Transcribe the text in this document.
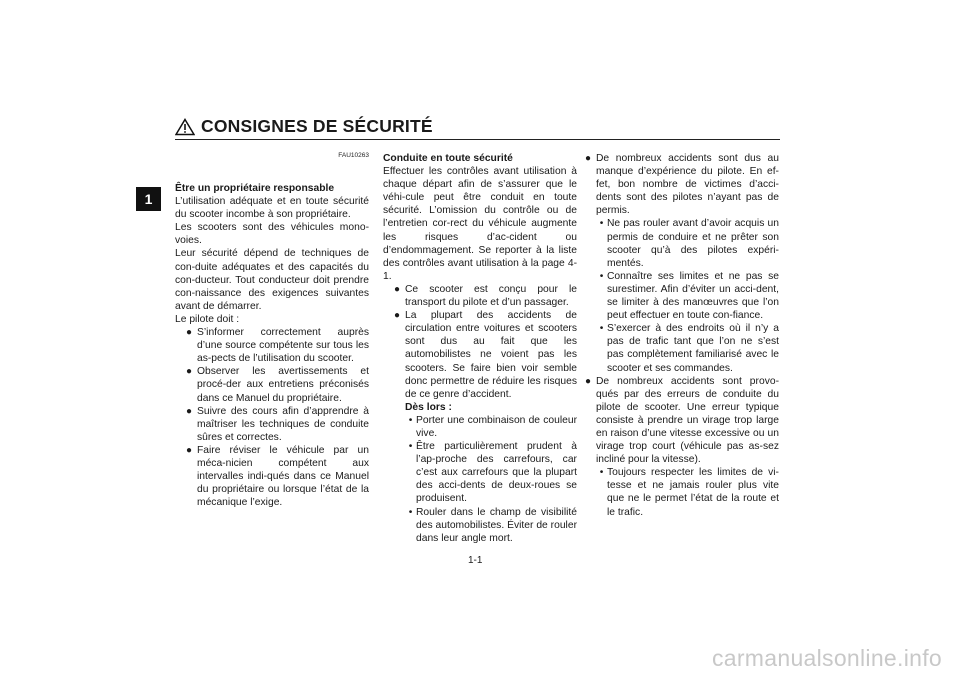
CONSIGNES DE SÉCURITÉ
1
FAU10263
Être un propriétaire responsable

L’utilisation adéquate et en toute sécurité du scooter incombe à son propriétaire.

Les scooters sont des véhicules mono-voies.

Leur sécurité dépend de techniques de con-duite adéquates et des capacités du con-ducteur. Tout conducteur doit prendre con-naissance des exigences suivantes avant de démarrer.

Le pilote doit :

● S’informer correctement auprès d’une source compétente sur tous les as-pects de l’utilisation du scooter.
● Observer les avertissements et procé-der aux entretiens préconisés dans ce Manuel du propriétaire.
● Suivre des cours afin d’apprendre à maîtriser les techniques de conduite sûres et correctes.
● Faire réviser le véhicule par un méca-nicien compétent aux intervalles indi-qués dans ce Manuel du propriétaire ou lorsque l’état de la mécanique l’exige.
Conduite en toute sécurité

Effectuer les contrôles avant utilisation à chaque départ afin de s’assurer que le véhi-cule peut être conduit en toute sécurité. L’omission du contrôle ou de l’entretien cor-rect du véhicule augmente les risques d’ac-cident ou d’endommagement. Se reporter à la liste des contrôles avant utilisation à la page 4-1.

● Ce scooter est conçu pour le transport du pilote et d’un passager.
● La plupart des accidents de circulation entre voitures et scooters sont dus au fait que les automobilistes ne voient pas les scooters. Se faire bien voir semble donc permettre de réduire les risques de ce genre d’accident.
Dès lors :
• Porter une combinaison de couleur vive.
• Être particulièrement prudent à l’ap-proche des carrefours, car c’est aux carrefours que la plupart des acci-dents de deux-roues se produisent.
• Rouler dans le champ de visibilité des automobilistes. Éviter de rouler dans leur angle mort.
● De nombreux accidents sont dus au manque d’expérience du pilote. En ef-fet, bon nombre de victimes d’acci-dents sont des pilotes n’ayant pas de permis.
• Ne pas rouler avant d’avoir acquis un permis de conduire et ne prêter son scooter qu’à des pilotes expéri-mentés.
• Connaître ses limites et ne pas se surestimer. Afin d’éviter un acci-dent, se limiter à des manœuvres que l’on peut effectuer en toute con-fiance.
• S’exercer à des endroits où il n’y a pas de trafic tant que l’on ne s’est pas complètement familiarisé avec le scooter et ses commandes.
● De nombreux accidents sont provo-qués par des erreurs de conduite du pilote de scooter. Une erreur typique consiste à prendre un virage trop large en raison d’une vitesse excessive ou un virage trop court (véhicule pas as-sez incliné pour la vitesse).
• Toujours respecter les limites de vi-tesse et ne jamais rouler plus vite que ne le permet l’état de la route et le trafic.
1-1
carmanualsonline.info
